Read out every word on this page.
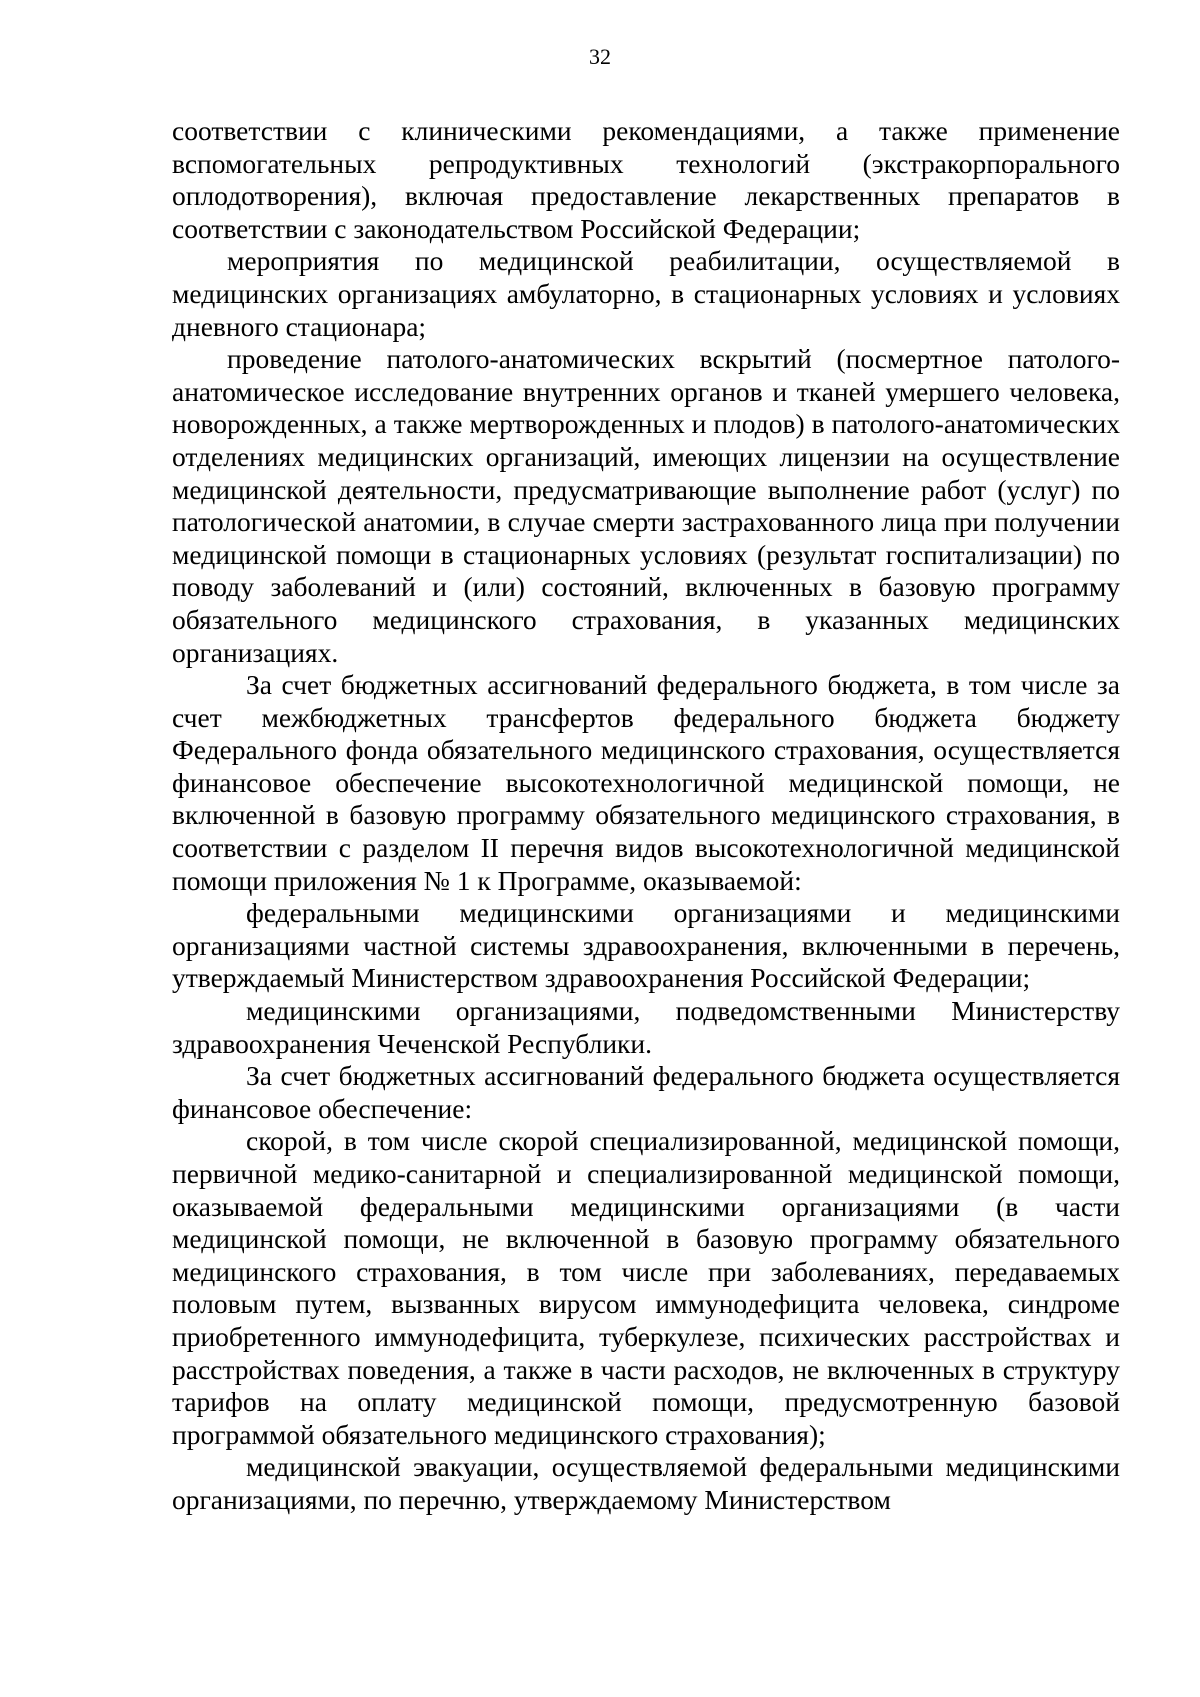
32

соответствии с клиническими рекомендациями, а также применение вспомогательных репродуктивных технологий (экстракорпорального оплодотворения), включая предоставление лекарственных препаратов в соответствии с законодательством Российской Федерации;

мероприятия по медицинской реабилитации, осуществляемой в медицинских организациях амбулаторно, в стационарных условиях и условиях дневного стационара;

проведение патолого-анатомических вскрытий (посмертное патолого-анатомическое исследование внутренних органов и тканей умершего человека, новорожденных, а также мертворожденных и плодов) в патолого-анатомических отделениях медицинских организаций, имеющих лицензии на осуществление медицинской деятельности, предусматривающие выполнение работ (услуг) по патологической анатомии, в случае смерти застрахованного лица при получении медицинской помощи в стационарных условиях (результат госпитализации) по поводу заболеваний и (или) состояний, включенных в базовую программу обязательного медицинского страхования, в указанных медицинских организациях.

За счет бюджетных ассигнований федерального бюджета, в том числе за счет межбюджетных трансфертов федерального бюджета бюджету Федерального фонда обязательного медицинского страхования, осуществляется финансовое обеспечение высокотехнологичной медицинской помощи, не включенной в базовую программу обязательного медицинского страхования, в соответствии с разделом II перечня видов высокотехнологичной медицинской помощи приложения № 1 к Программе, оказываемой:

федеральными медицинскими организациями и медицинскими организациями частной системы здравоохранения, включенными в перечень, утверждаемый Министерством здравоохранения Российской Федерации;

медицинскими организациями, подведомственными Министерству здравоохранения Чеченской Республики.

За счет бюджетных ассигнований федерального бюджета осуществляется финансовое обеспечение:

скорой, в том числе скорой специализированной, медицинской помощи, первичной медико-санитарной и специализированной медицинской помощи, оказываемой федеральными медицинскими организациями (в части медицинской помощи, не включенной в базовую программу обязательного медицинского страхования, в том числе при заболеваниях, передаваемых половым путем, вызванных вирусом иммунодефицита человека, синдроме приобретенного иммунодефицита, туберкулезе, психических расстройствах и расстройствах поведения, а также в части расходов, не включенных в структуру тарифов на оплату медицинской помощи, предусмотренную базовой программой обязательного медицинского страхования);

медицинской эвакуации, осуществляемой федеральными медицинскими организациями, по перечню, утверждаемому Министерством
